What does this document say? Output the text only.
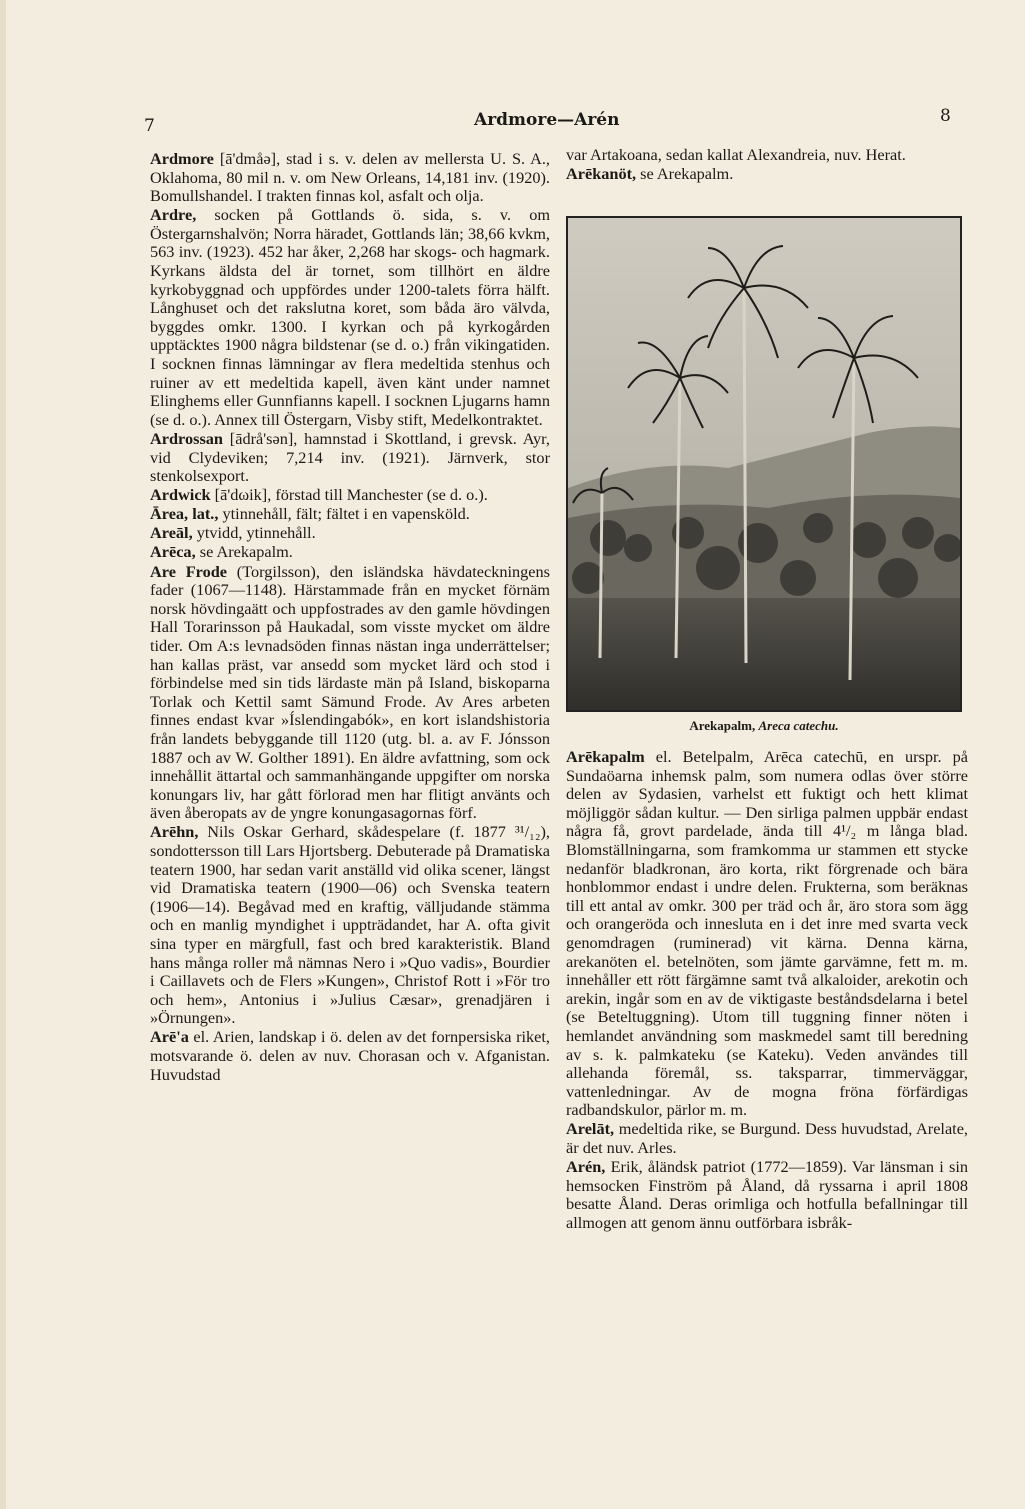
7	Ardmore—Arén	8
Ardmore [ā'dmåə], stad i s. v. delen av mellersta U. S. A., Oklahoma, 80 mil n. v. om New Orleans, 14,181 inv. (1920). Bomullshandel. I trakten finnas kol, asfalt och olja.
Ardre, socken på Gottlands ö. sida, s. v. om Östergarnshalvön; Norra häradet, Gottlands län; 38,66 kvkm, 563 inv. (1923). 452 har åker, 2,268 har skogs- och hagmark. Kyrkans äldsta del är tornet, som tillhört en äldre kyrkobyggnad och uppfördes under 1200-talets förra hälft. Långhuset och det rakslutna koret, som båda äro välvda, byggdes omkr. 1300. I kyrkan och på kyrkogården upptäcktes 1900 några bildstenar (se d. o.) från vikingatiden. I socknen finnas lämningar av flera medeltida stenhus och ruiner av ett medeltida kapell, även känt under namnet Elinghems eller Gunnfianns kapell. I socknen Ljugarns hamn (se d. o.). Annex till Östergarn, Visby stift, Medelkontraktet.
Ardrossan [ādrå'sən], hamnstad i Skottland, i grevsk. Ayr, vid Clydeviken; 7,214 inv. (1921). Järnverk, stor stenkolsexport.
Ardwick [ā'dωik], förstad till Manchester (se d. o.).
Ārea, lat., ytinnehåll, fält; fältet i en vapensköld.
Areāl, ytvidd, ytinnehåll.
Arēca, se Arekapalm.
Are Frode (Torgilsson), den isländska hävdateckningens fader (1067—1148). Härstammade från en mycket förnäm norsk hövdingaätt och uppfostrades av den gamle hövdingen Hall Torarinsson på Haukadal, som visste mycket om äldre tider. Om A:s levnadsöden finnas nästan inga underrättelser; han kallas präst, var ansedd som mycket lärd och stod i förbindelse med sin tids lärdaste män på Island, biskoparna Torlak och Kettil samt Sämund Frode. Av Ares arbeten finnes endast kvar »Íslendingabók», en kort islandshistoria från landets bebyggande till 1120 (utg. bl. a. av F. Jónsson 1887 och av W. Golther 1891). En äldre avfattning, som ock innehållit ättartal och sammanhängande uppgifter om norska konungars liv, har gått förlorad men har flitigt använts och även åberopats av de yngre konungasagornas förf.
Arēhn, Nils Oskar Gerhard, skådespelare (f. 1877 ³¹/₁₂), sondottersson till Lars Hjortsberg. Debuterade på Dramatiska teatern 1900, har sedan varit anställd vid olika scener, längst vid Dramatiska teatern (1900—06) och Svenska teatern (1906—14). Begåvad med en kraftig, välljudande stämma och en manlig myndighet i uppträdandet, har A. ofta givit sina typer en märgfull, fast och bred karakteristik. Bland hans många roller må nämnas Nero i »Quo vadis», Bourdier i Caillavets och de Flers »Kungen», Christof Rott i »För tro och hem», Antonius i »Julius Cæsar», grenadjären i »Örnungen».
Arē'a el. Arien, landskap i ö. delen av det fornpersiska riket, motsvarande ö. delen av nuv. Chorasan och v. Afganistan. Huvudstad
var Artakoana, sedan kallat Alexandreia, nuv. Herat.
Arēkanöt, se Arekapalm.
Arekapalm, Areca catechu.
Arēkapalm el. Betelpalm, Arēca catechū, en urspr. på Sundaöarna inhemsk palm, som numera odlas över större delen av Sydasien, varhelst ett fuktigt och hett klimat möjliggör sådan kultur. — Den sirliga palmen uppbär endast några få, grovt pardelade, ända till 4¹/₂ m långa blad. Blomställningarna, som framkomma ur stammen ett stycke nedanför bladkronan, äro korta, rikt förgrenade och bära honblommor endast i undre delen. Frukterna, som beräknas till ett antal av omkr. 300 per träd och år, äro stora som ägg och orangeröda och innesluta en i det inre med svarta veck genomdragen (ruminerad) vit kärna. Denna kärna, arekanöten el. betelnöten, som jämte garvämne, fett m. m. innehåller ett rött färgämne samt två alkaloider, arekotin och arekin, ingår som en av de viktigaste beståndsdelarna i betel (se Beteltuggning). Utom till tuggning finner nöten i hemlandet användning som maskmedel samt till beredning av s. k. palmkateku (se Kateku). Veden användes till allehanda föremål, ss. taksparrar, timmerväggar, vattenledningar. Av de mogna fröna förfärdigas radbandskulor, pärlor m. m.
Arelāt, medeltida rike, se Burgund. Dess huvudstad, Arelate, är det nuv. Arles.
Arén, Erik, åländsk patriot (1772—1859). Var länsman i sin hemsocken Finström på Åland, då ryssarna i april 1808 besatte Åland. Deras orimliga och hotfulla befallningar till allmogen att genom ännu outförbara isbråk-
